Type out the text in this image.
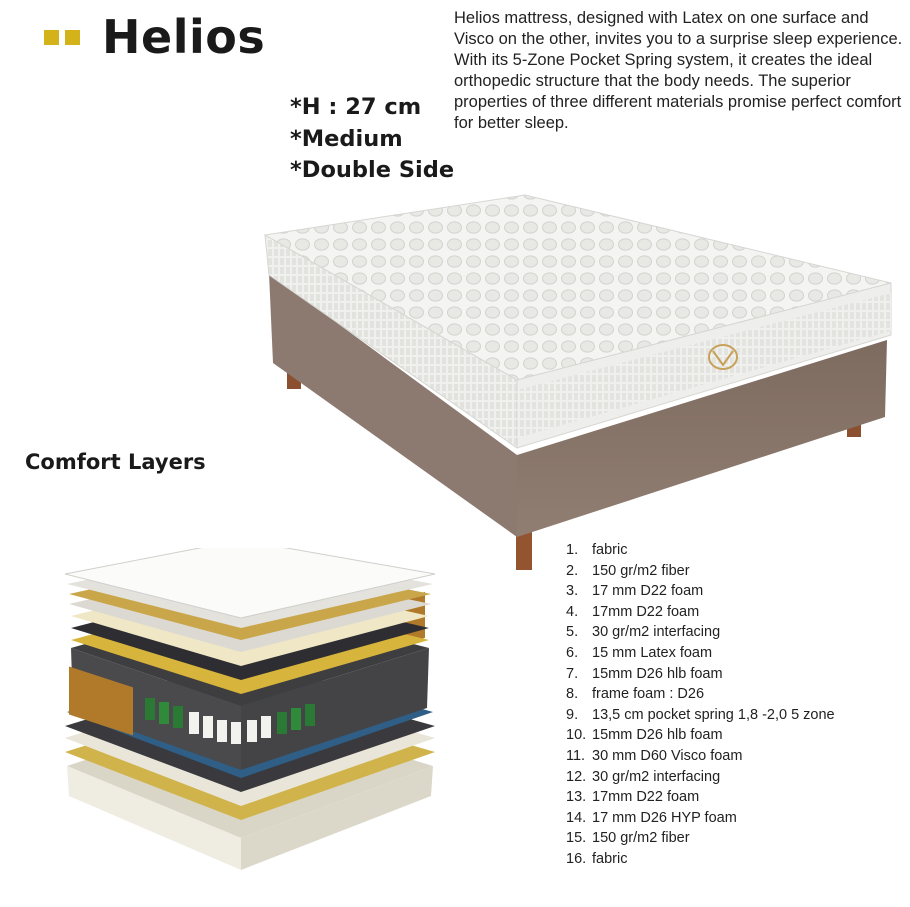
Helios	Helios mattress, designed with Latex on one surface and Visco on the other, invites you to a surprise sleep experience. With its 5-Zone Pocket Spring system, it creates the ideal orthopedic structure that the body needs. The superior properties of three different materials promise perfect comfort for better sleep.
*H : 27 cm
*Medium
*Double Side
Comfort Layers
1. fabric
2. 150 gr/m2 fiber
3. 17 mm D22 foam
4. 17mm D22 foam
5. 30 gr/m2 interfacing
6. 15 mm Latex foam
7. 15mm D26 hlb foam
8. frame foam : D26
9. 13,5 cm pocket spring 1,8 -2,0 5 zone
10. 15mm D26 hlb foam
11. 30 mm D60 Visco foam
12. 30 gr/m2 interfacing
13. 17mm D22 foam
14. 17 mm D26 HYP foam
15. 150 gr/m2 fiber
16. fabric
